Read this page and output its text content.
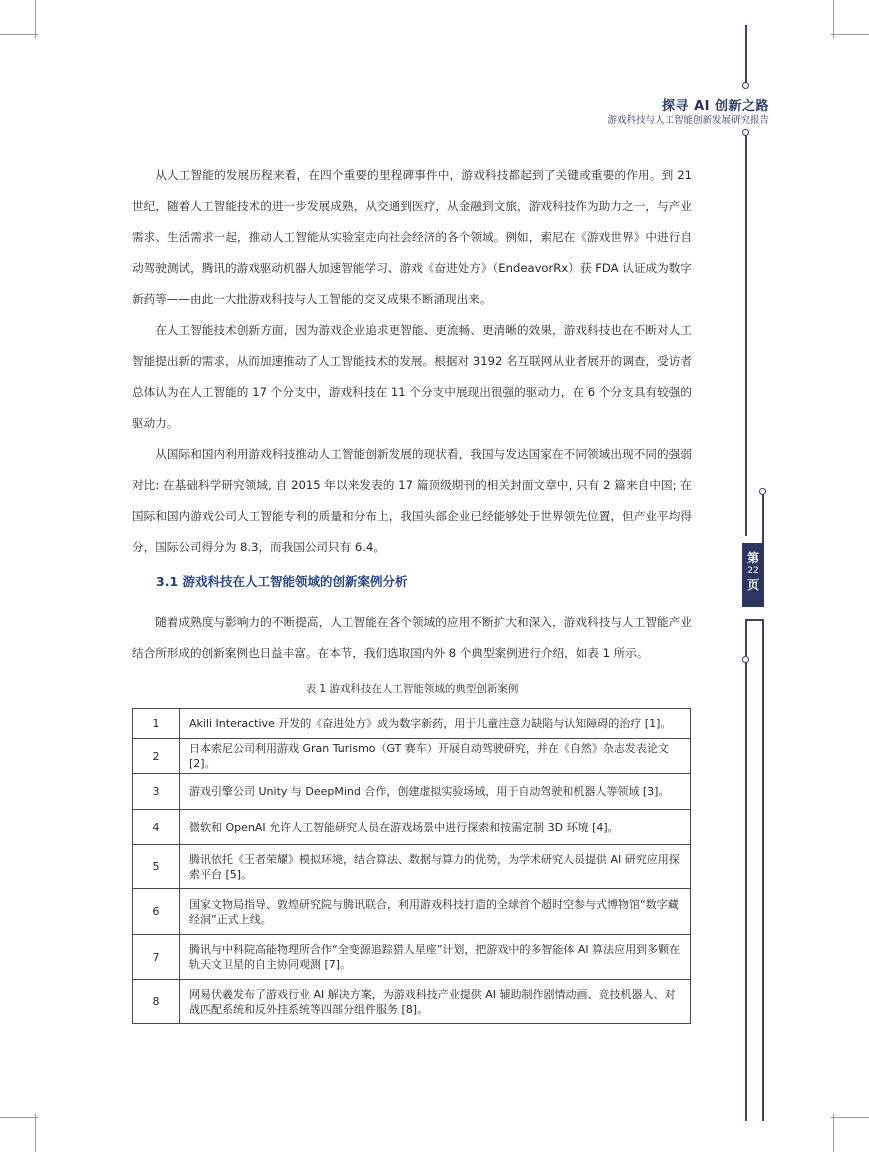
探寻 AI 创新之路
游戏科技与人工智能创新发展研究报告
第
22
页

从人工智能的发展历程来看，在四个重要的里程碑事件中，游戏科技都起到了关键或重要的作用。到 21 世纪，随着人工智能技术的进一步发展成熟，从交通到医疗，从金融到文旅，游戏科技作为助力之一，与产业需求、生活需求一起，推动人工智能从实验室走向社会经济的各个领域。例如，索尼在《游戏世界》中进行自动驾驶测试，腾讯的游戏驱动机器人加速智能学习、游戏《奋进处方》（EndeavorRx）获 FDA 认证成为数字新药等——由此一大批游戏科技与人工智能的交叉成果不断涌现出来。

在人工智能技术创新方面，因为游戏企业追求更智能、更流畅、更清晰的效果，游戏科技也在不断对人工智能提出新的需求，从而加速推动了人工智能技术的发展。根据对 3192 名互联网从业者展开的调查，受访者总体认为在人工智能的 17 个分支中，游戏科技在 11 个分支中展现出很强的驱动力，在 6 个分支具有较强的驱动力。

从国际和国内利用游戏科技推动人工智能创新发展的现状看，我国与发达国家在不同领域出现不同的强弱对比: 在基础科学研究领域, 自 2015 年以来发表的 17 篇顶级期刊的相关封面文章中, 只有 2 篇来自中国; 在国际和国内游戏公司人工智能专利的质量和分布上，我国头部企业已经能够处于世界领先位置，但产业平均得分，国际公司得分为 8.3，而我国公司只有 6.4。

3.1 游戏科技在人工智能领域的创新案例分析

随着成熟度与影响力的不断提高，人工智能在各个领域的应用不断扩大和深入，游戏科技与人工智能产业结合所形成的创新案例也日益丰富。在本节，我们选取国内外 8 个典型案例进行介绍，如表 1 所示。

表 1 游戏科技在人工智能领域的典型创新案例
1	Akili Interactive 开发的《奋进处方》成为数字新药，用于儿童注意力缺陷与认知障碍的治疗 [1]。
2	日本索尼公司利用游戏 Gran Turismo（GT 赛车）开展自动驾驶研究，并在《自然》杂志发表论文 [2]。
3	游戏引擎公司 Unity 与 DeepMind 合作，创建虚拟实验场域，用于自动驾驶和机器人等领域 [3]。
4	微软和 OpenAI 允许人工智能研究人员在游戏场景中进行探索和按需定制 3D 环境 [4]。
5	腾讯依托《王者荣耀》模拟环境，结合算法、数据与算力的优势，为学术研究人员提供 AI 研究应用探索平台 [5]。
6	国家文物局指导、敦煌研究院与腾讯联合，利用游戏科技打造的全球首个超时空参与式博物馆“数字藏经洞”正式上线。
7	腾讯与中科院高能物理所合作“全变源追踪猎人星座”计划，把游戏中的多智能体 AI 算法应用到多颗在轨天文卫星的自主协同观测 [7]。
8	网易伏羲发布了游戏行业 AI 解决方案，为游戏科技产业提供 AI 辅助制作剧情动画、竞技机器人、对战匹配系统和反外挂系统等四部分组件服务 [8]。
